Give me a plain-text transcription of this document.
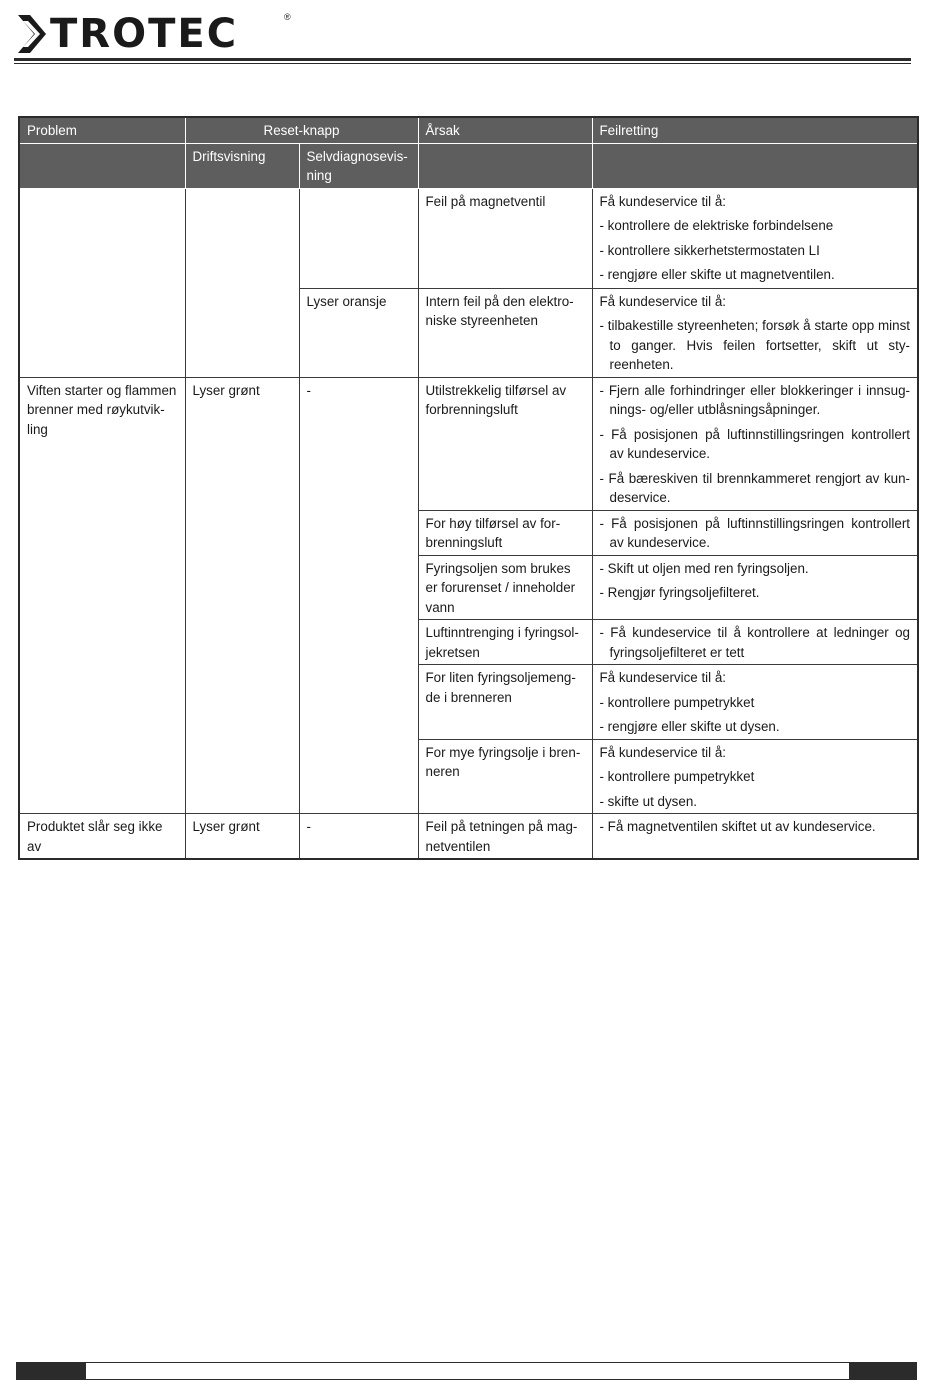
TROTEC	®
Problem	Reset-knapp		Årsak	Feilretting
	Driftsvisning	Selvdiagnosevis-ning		
			Feil på magnetventil	Få kundeservice til å:
- kontrollere de elektriske forbindelsene
- kontrollere sikkerhetstermostaten LI
- rengjøre eller skifte ut magnetventilen.

		Lyser oransje	Intern feil på den elektro-niske styreenheten	Få kundeservice til å:
- tilbakestille styreenheten; forsøk å starte opp minst to ganger. Hvis feilen fortsetter, skift ut sty-reenheten.

Viften starter og flammen brenner med røykutvik-ling	Lyser grønt	-	Utilstrekkelig tilførsel av forbrenningsluft	- Fjern alle forhindringer eller blokkeringer i innsug-nings- og/eller utblåsningsåpninger.
- Få posisjonen på luftinnstillingsringen kontrollert av kundeservice.
- Få bæreskiven til brennkammeret rengjort av kun-deservice.

			For høy tilførsel av for-brenningsluft	- Få posisjonen på luftinnstillingsringen kontrollert av kundeservice.

			Fyringsoljen som brukes er forurenset / inneholder vann	- Skift ut oljen med ren fyringsoljen.
- Rengjør fyringsoljefilteret.

			Luftinntrenging i fyringsol-jekretsen	- Få kundeservice til å kontrollere at ledninger og fyringsoljefilteret er tett

			For liten fyringsoljemeng-de i brenneren	Få kundeservice til å:
- kontrollere pumpetrykket
- rengjøre eller skifte ut dysen.

			For mye fyringsolje i bren-neren	Få kundeservice til å:
- kontrollere pumpetrykket
- skifte ut dysen.

Produktet slår seg ikke av	Lyser grønt	-	Feil på tetningen på mag-netventilen	- Få magnetventilen skiftet ut av kundeservice.
